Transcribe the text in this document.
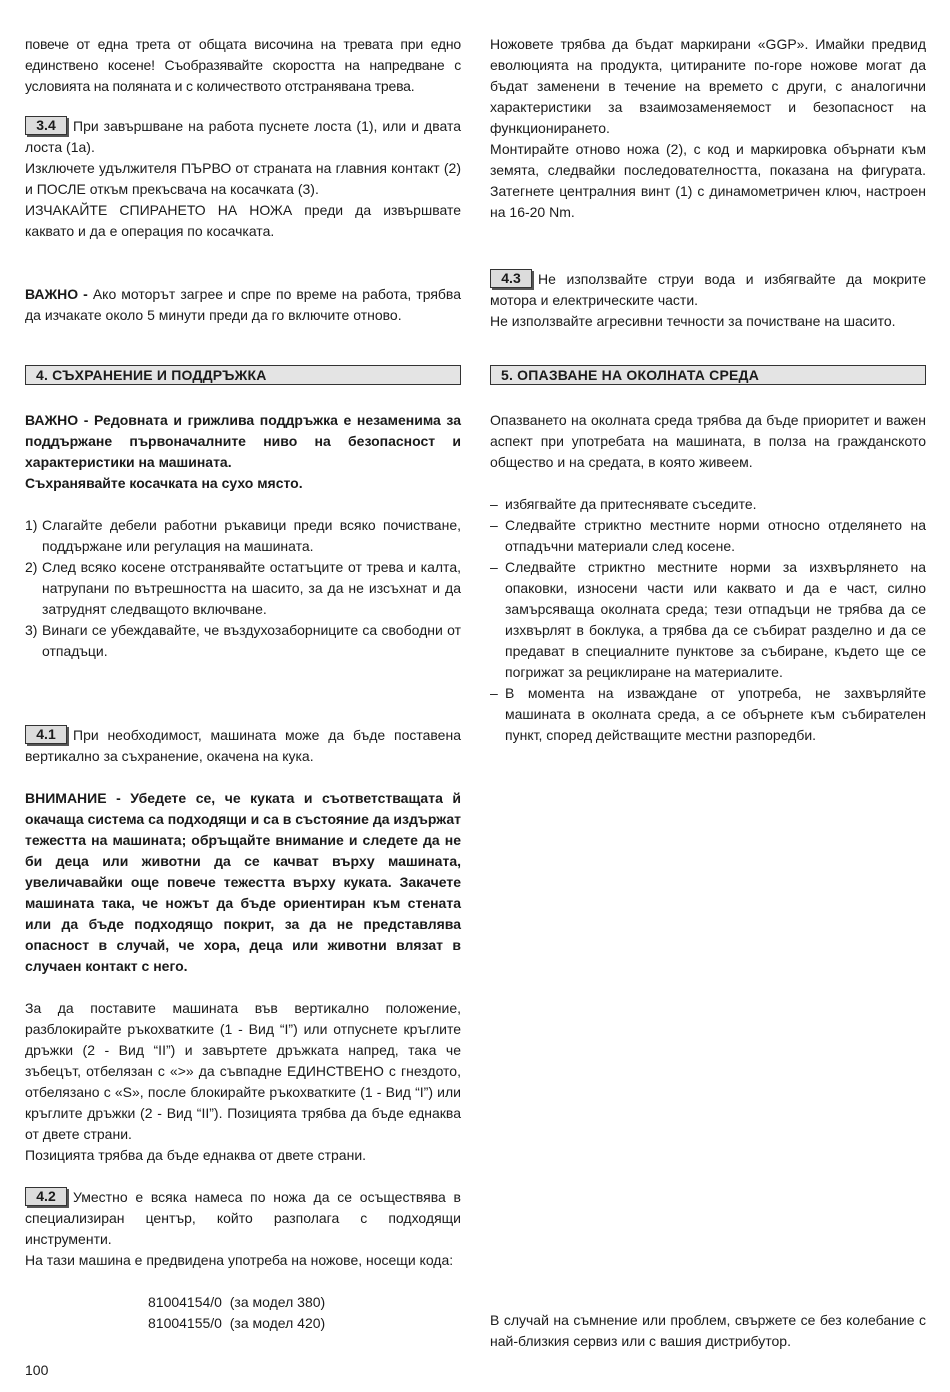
повече от една трета от общата височина на тревата при едно единствено косене! Съобразявайте скоростта на напредване с условията на поляната и с количеството отстранявана трева.

3.4 При завършване на работа пуснете лоста (1), или и двата лоста (1а).

Изключете удължителя ПЪРВО от страната на главния контакт (2) и ПОСЛЕ откъм прекъсвача на косачката (3).

ИЗЧАКАЙТЕ СПИРАНЕТО НА НОЖА преди да извършвате каквато и да е операция по косачката.

ВАЖНО - Ако моторът загрее и спре по време на работа, трябва да изчакате около 5 минути преди да го включите отново.

4. СЪХРАНЕНИЕ И ПОДДРЪЖКА

ВАЖНО - Редовната и грижлива поддръжка е незаменима за поддържане първоначалните ниво на безопасност и характеристики на машината.

Съхранявайте косачката на сухо място.

1) Слагайте дебели работни ръкавици преди всяко почистване, поддържане или регулация на машината.
2) След всяко косене отстранявайте остатъците от трева и калта, натрупани по вътрешността на шасито, за да не изсъхнат и да затруднят следващото включване.
3) Винаги се убеждавайте, че въздухозаборниците са свободни от отпадъци.

4.1 При необходимост, машината може да бъде поставена вертикално за съхранение, окачена на кука.

ВНИМАНИЕ - Убедете се, че куката и съответстващата й окачаща система са подходящи и са в състояние да издържат тежестта на машината; обръщайте внимание и следете да не би деца или животни да се качват върху машината, увеличавайки още повече тежестта върху куката. Закачете машината така, че ножът да бъде ориентиран към стената или да бъде подходящо покрит, за да не представлява опасност в случай, че хора, деца или животни влязат в случаен контакт с него.

За да поставите машината във вертикално положение, разблокирайте ръкохватките (1 - Вид “I”) или отпуснете кръглите дръжки (2 - Вид “II”) и завъртете дръжката напред, така че зъбецът, отбелязан с «>» да съвпадне ЕДИНСТВЕНО с гнездото, отбелязано с «S», после блокирайте ръкохватките (1 - Вид “I”) или кръглите дръжки (2 - Вид “II”). Позицията трябва да бъде еднаква от двете страни.

Позицията трябва да бъде еднаква от двете страни.

4.2 Уместно е всяка намеса по ножа да се осъществява в специализиран център, който разполага с подходящи инструменти.

На тази машина е предвидена употреба на ножове, носещи кода:

81004154/0  (за модел 380)
81004155/0  (за модел 420)
100

Ножовете трябва да бъдат маркирани «GGP». Имайки предвид еволюцията на продукта, цитираните по-горе ножове могат да бъдат заменени в течение на времето с други, с аналогични характеристики за взаимозаменяемост и безопасност на функционирането.

Монтирайте отново ножа (2), с код и маркировка обърнати към земята, следвайки последователността, показана на фигурата. Затегнете централния винт (1) с динамометричен ключ, настроен на 16-20 Nm.

4.3 Не използвайте струи вода и избягвайте да мокрите мотора и електрическите части.

Не използвайте агресивни течности за почистване на шасито.

5. ОПАЗВАНЕ НА ОКОЛНАТА СРЕДА

Опазването на околната среда трябва да бъде приоритет и важен аспект при употребата на машината, в полза на гражданското общество и на средата, в която живеем.

– избягвайте да притеснявате съседите.
– Следвайте стриктно местните норми относно отделянето на отпадъчни материали след косене.
– Следвайте стриктно местните норми за изхвърлянето на опаковки, износени части или каквато и да е част, силно замърсяваща околната среда; тези отпадъци не трябва да се изхвърлят в боклука, а трябва да се събират разделно и да се предават в специалните пунктове за събиране, където ще се погрижат за рециклиране на материалите.
– В момента на изваждане от употреба, не захвърляйте машината в околната среда, а се обърнете към събирателен пункт, според действащите местни разпоредби.

В случай на съмнение или проблем, свържете се без колебание с най-близкия сервиз или с вашия дистрибутор.
